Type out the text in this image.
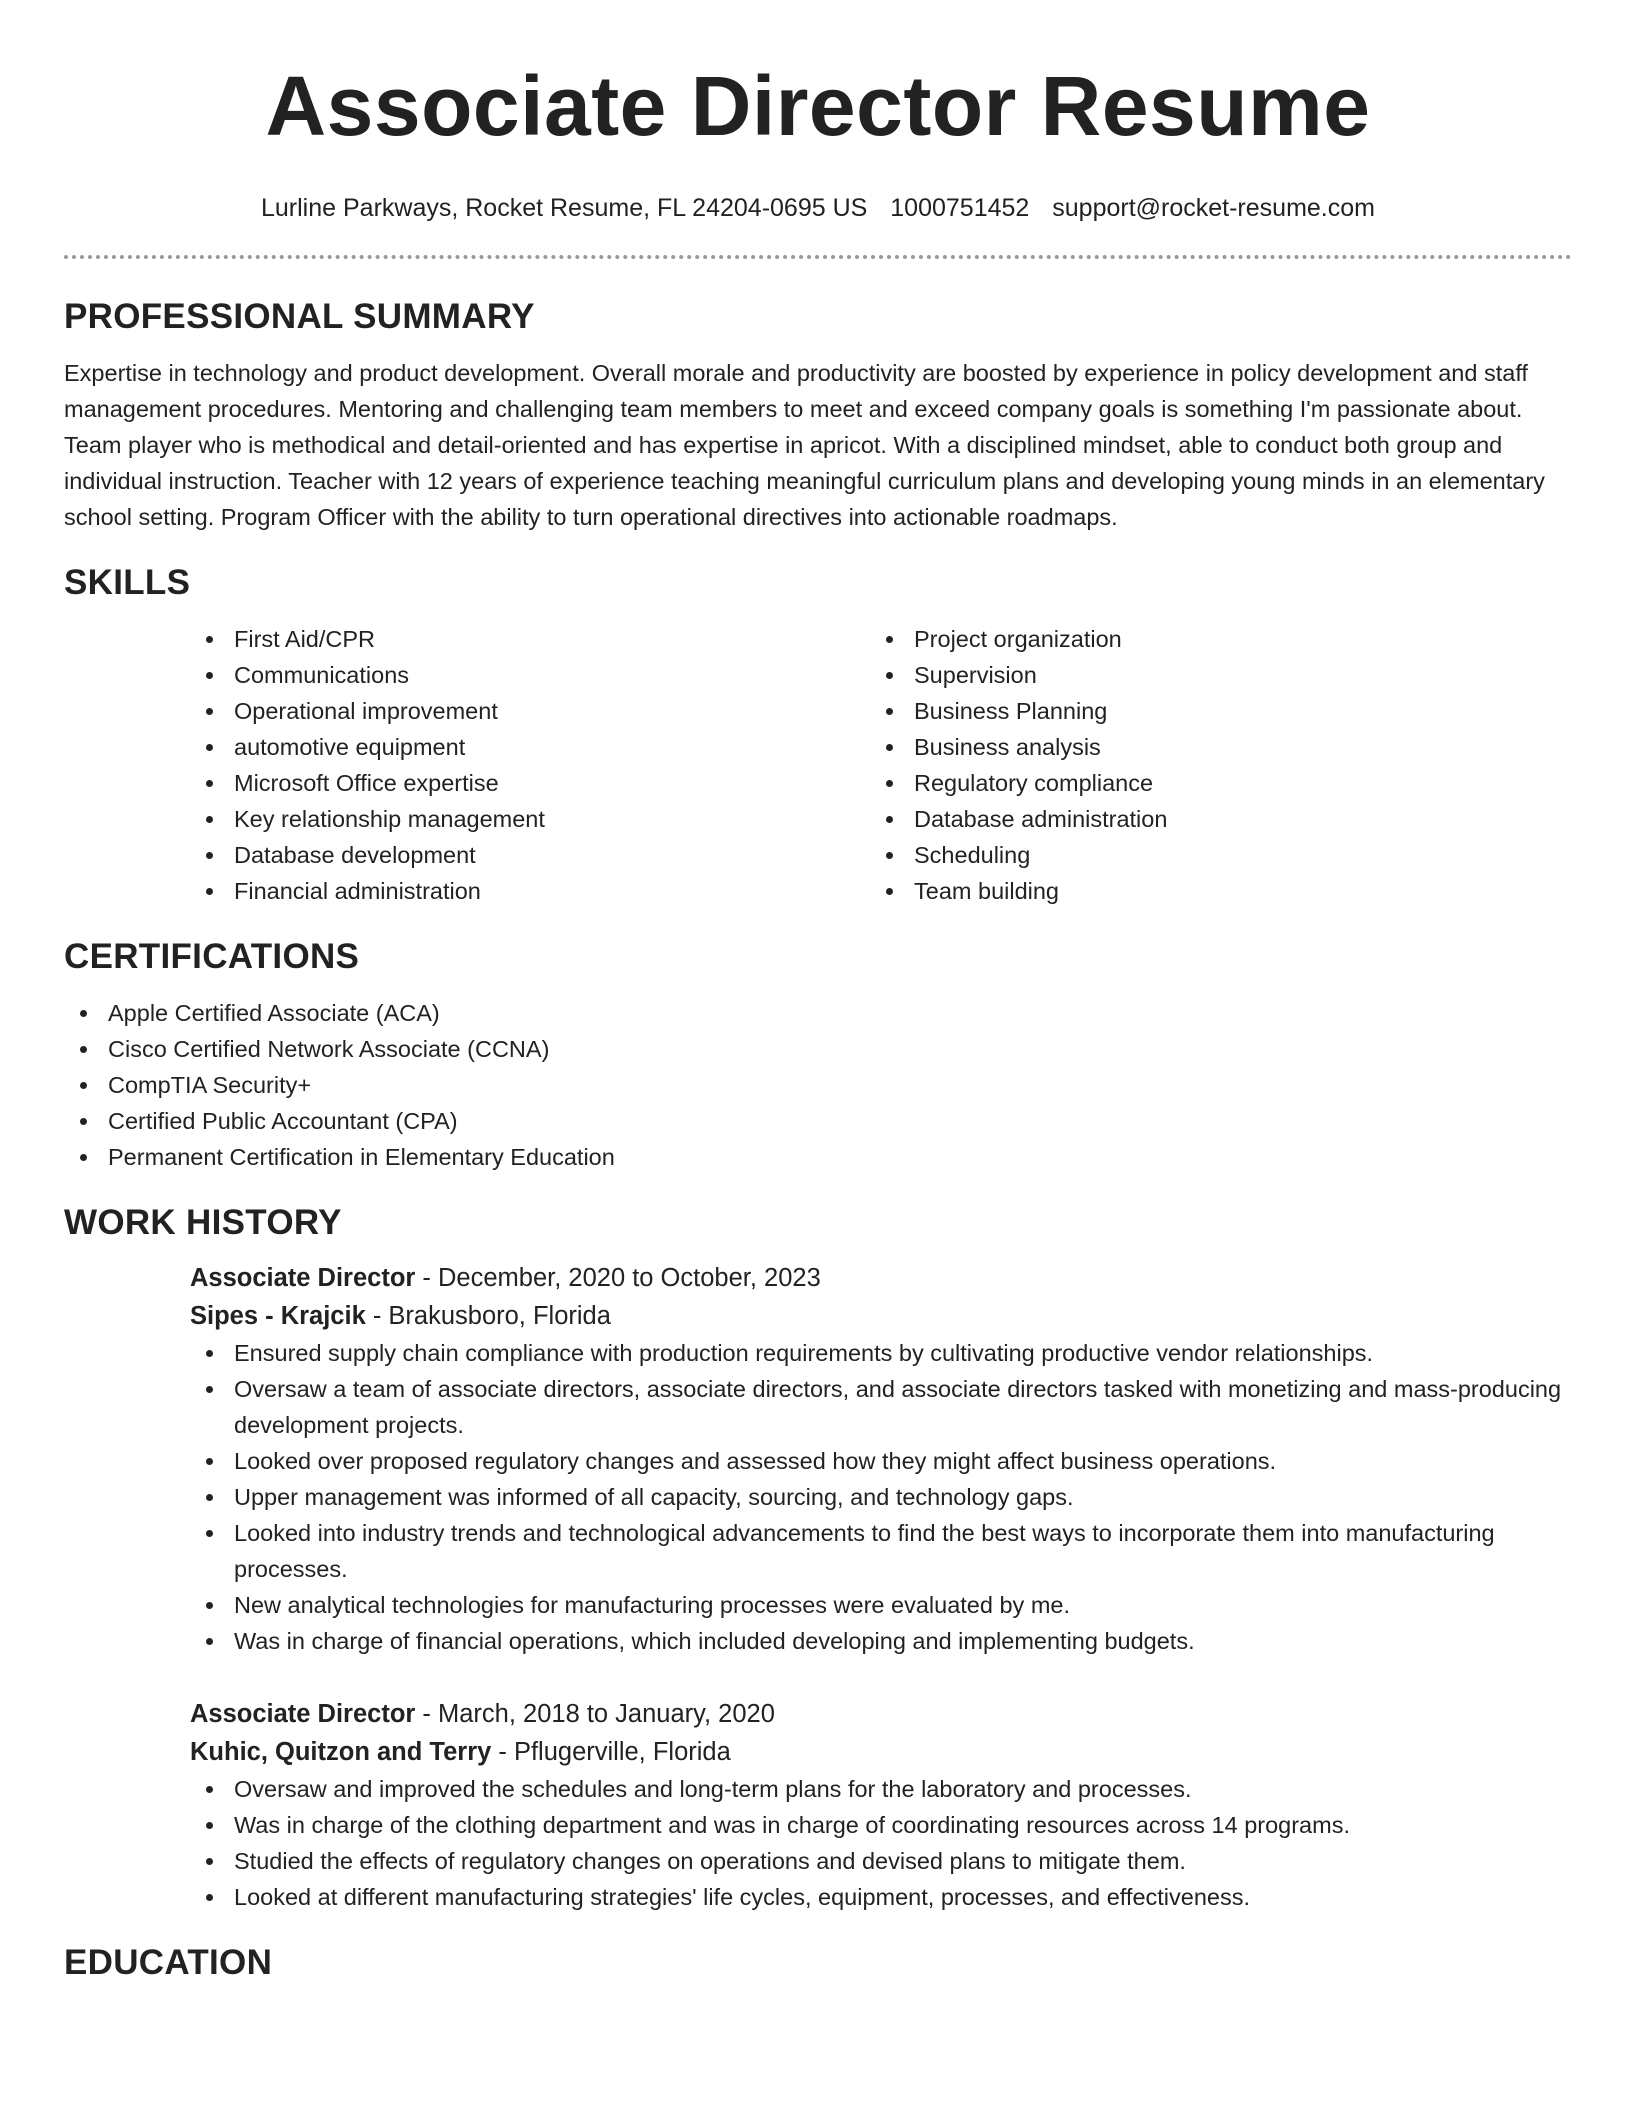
Associate Director Resume
Lurline Parkways, Rocket Resume, FL 24204-0695 US 1000751452 support@rocket-resume.com
PROFESSIONAL SUMMARY

Expertise in technology and product development. Overall morale and productivity are boosted by experience in policy development and staff management procedures. Mentoring and challenging team members to meet and exceed company goals is something I'm passionate about. Team player who is methodical and detail-oriented and has expertise in apricot. With a disciplined mindset, able to conduct both group and individual instruction. Teacher with 12 years of experience teaching meaningful curriculum plans and developing young minds in an elementary school setting. Program Officer with the ability to turn operational directives into actionable roadmaps.

SKILLS
First Aid/CPR
Communications
Operational improvement
automotive equipment
Microsoft Office expertise
Key relationship management
Database development
Financial administration
Project organization
Supervision
Business Planning
Business analysis
Regulatory compliance
Database administration
Scheduling
Team building
CERTIFICATIONS
Apple Certified Associate (ACA)
Cisco Certified Network Associate (CCNA)
CompTIA Security+
Certified Public Accountant (CPA)
Permanent Certification in Elementary Education
WORK HISTORY
Associate Director - December, 2020 to October, 2023
Sipes - Krajcik - Brakusboro, Florida
Ensured supply chain compliance with production requirements by cultivating productive vendor relationships.
Oversaw a team of associate directors, associate directors, and associate directors tasked with monetizing and mass-producing development projects.
Looked over proposed regulatory changes and assessed how they might affect business operations.
Upper management was informed of all capacity, sourcing, and technology gaps.
Looked into industry trends and technological advancements to find the best ways to incorporate them into manufacturing processes.
New analytical technologies for manufacturing processes were evaluated by me.
Was in charge of financial operations, which included developing and implementing budgets.
Associate Director - March, 2018 to January, 2020
Kuhic, Quitzon and Terry - Pflugerville, Florida
Oversaw and improved the schedules and long-term plans for the laboratory and processes.
Was in charge of the clothing department and was in charge of coordinating resources across 14 programs.
Studied the effects of regulatory changes on operations and devised plans to mitigate them.
Looked at different manufacturing strategies' life cycles, equipment, processes, and effectiveness.
EDUCATION
